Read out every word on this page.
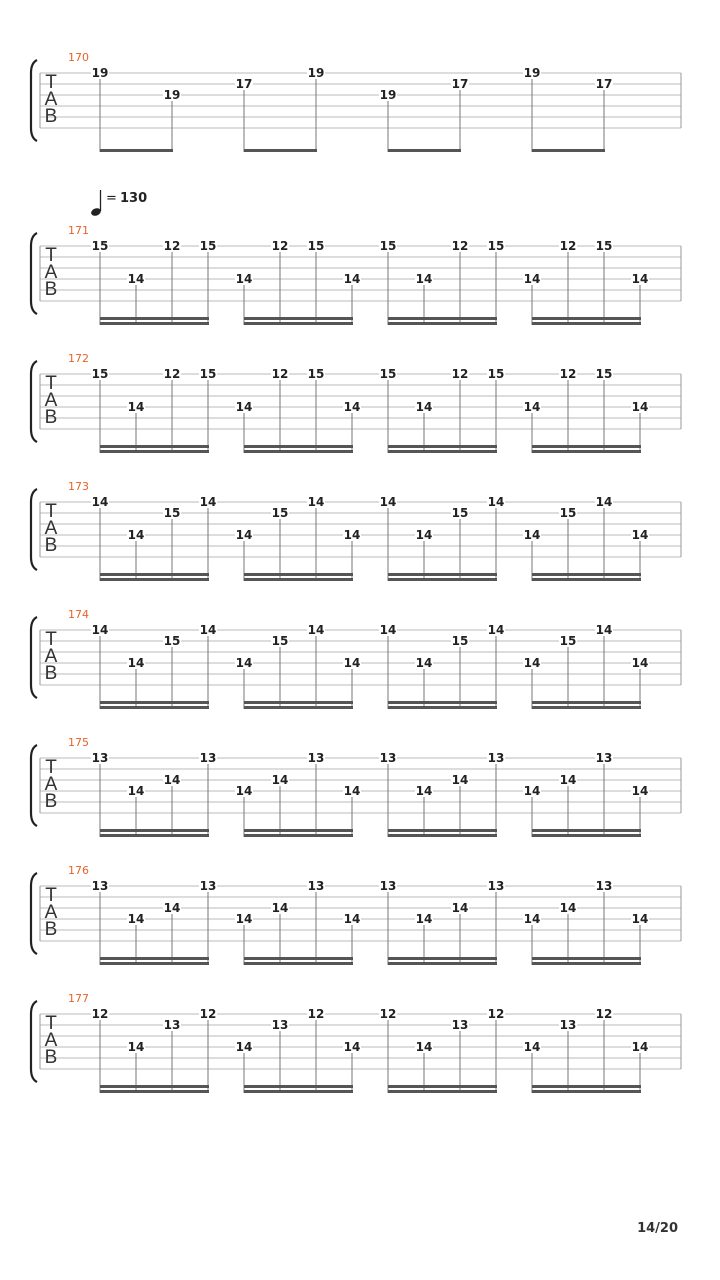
T
A
B
170
19
19
17
19
19
17
19
17
T
A
B
171
= 130
15
14
12 15
14
12 15
14
15
14
12 15
14
12 15
14
T
A
B
172
15
14
12 15
14
12 15
14
15
14
12 15
14
12 15
14
T
A
B
173
14
14
15
14
14
15
14
14
14
14
15
14
14
15
14
14
T
A
B
174
14
14
15
14
14
15
14
14
14
14
15
14
14
15
14
14
T
A
B
175
13
14
14
13
14
14
13
14
13
14
14
13
14
14
13
14
T
A
B
176
13
14
14
13
14
14
13
14
13
14
14
13
14
14
13
14
T
A
B
177
12
14
13
12
14
13
12
14
12
14
13
12
14
13
12
14
14/20
